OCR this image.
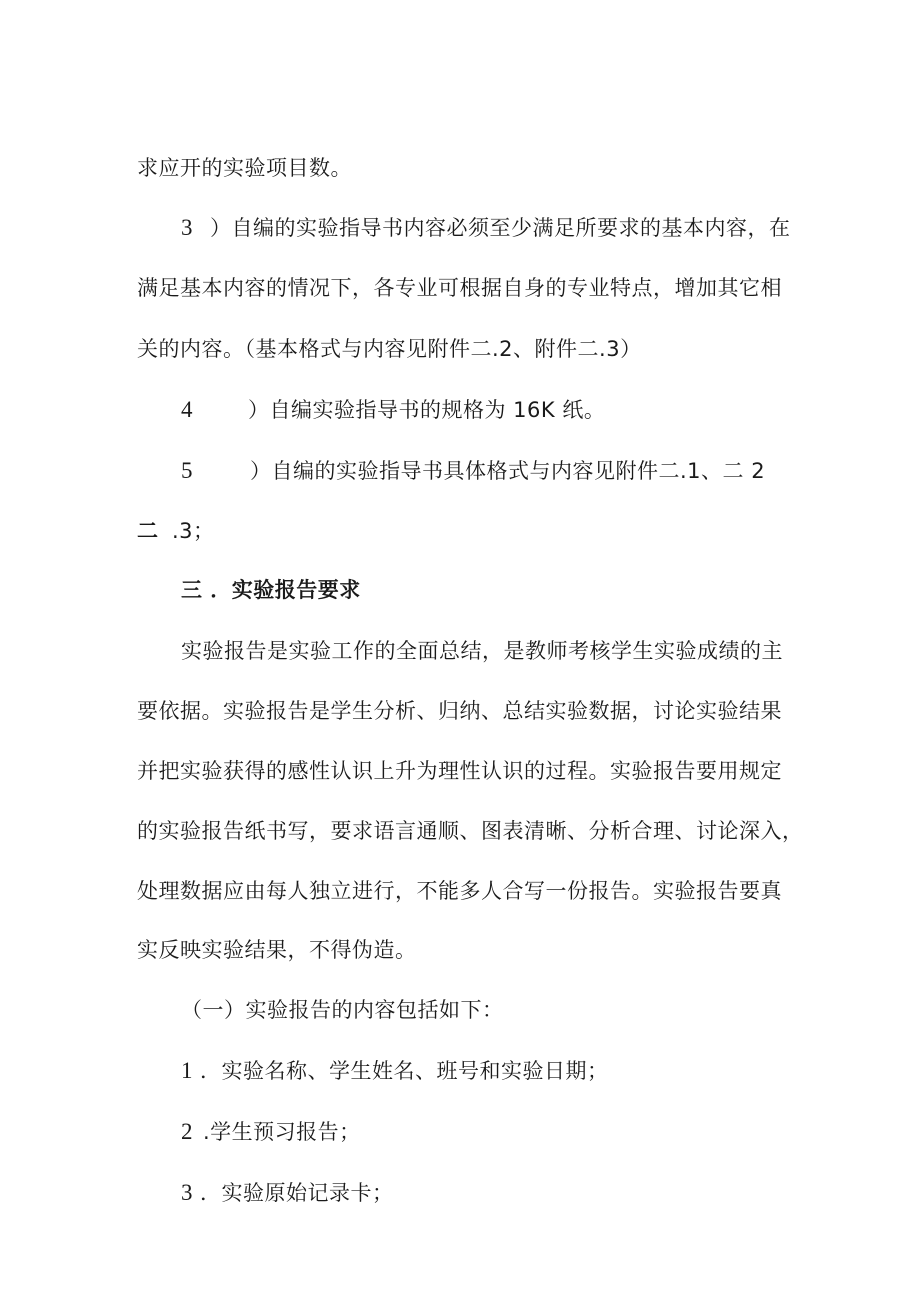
求应开的实验项目数。
3 ）自编的实验指导书内容必须至少满足所要求的基本内容，在
满足基本内容的情况下，各专业可根据自身的专业特点，增加其它相
关的内容。（基本格式与内容见附件二.2、附件二.3）
4	）自编实验指导书的规格为 16K 纸。
5	）自编的实验指导书具体格式与内容见附件二.1、二 2
二 .3；
三 ．实验报告要求
实验报告是实验工作的全面总结，是教师考核学生实验成绩的主
要依据。实验报告是学生分析、归纳、总结实验数据，讨论实验结果
并把实验获得的感性认识上升为理性认识的过程。实验报告要用规定
的实验报告纸书写，要求语言通顺、图表清晰、分析合理、讨论深入，
处理数据应由每人独立进行，不能多人合写一份报告。实验报告要真
实反映实验结果，不得伪造。
（一）实验报告的内容包括如下：
1 ．实验名称、学生姓名、班号和实验日期；
2 .学生预习报告；
3 ．实验原始记录卡；
